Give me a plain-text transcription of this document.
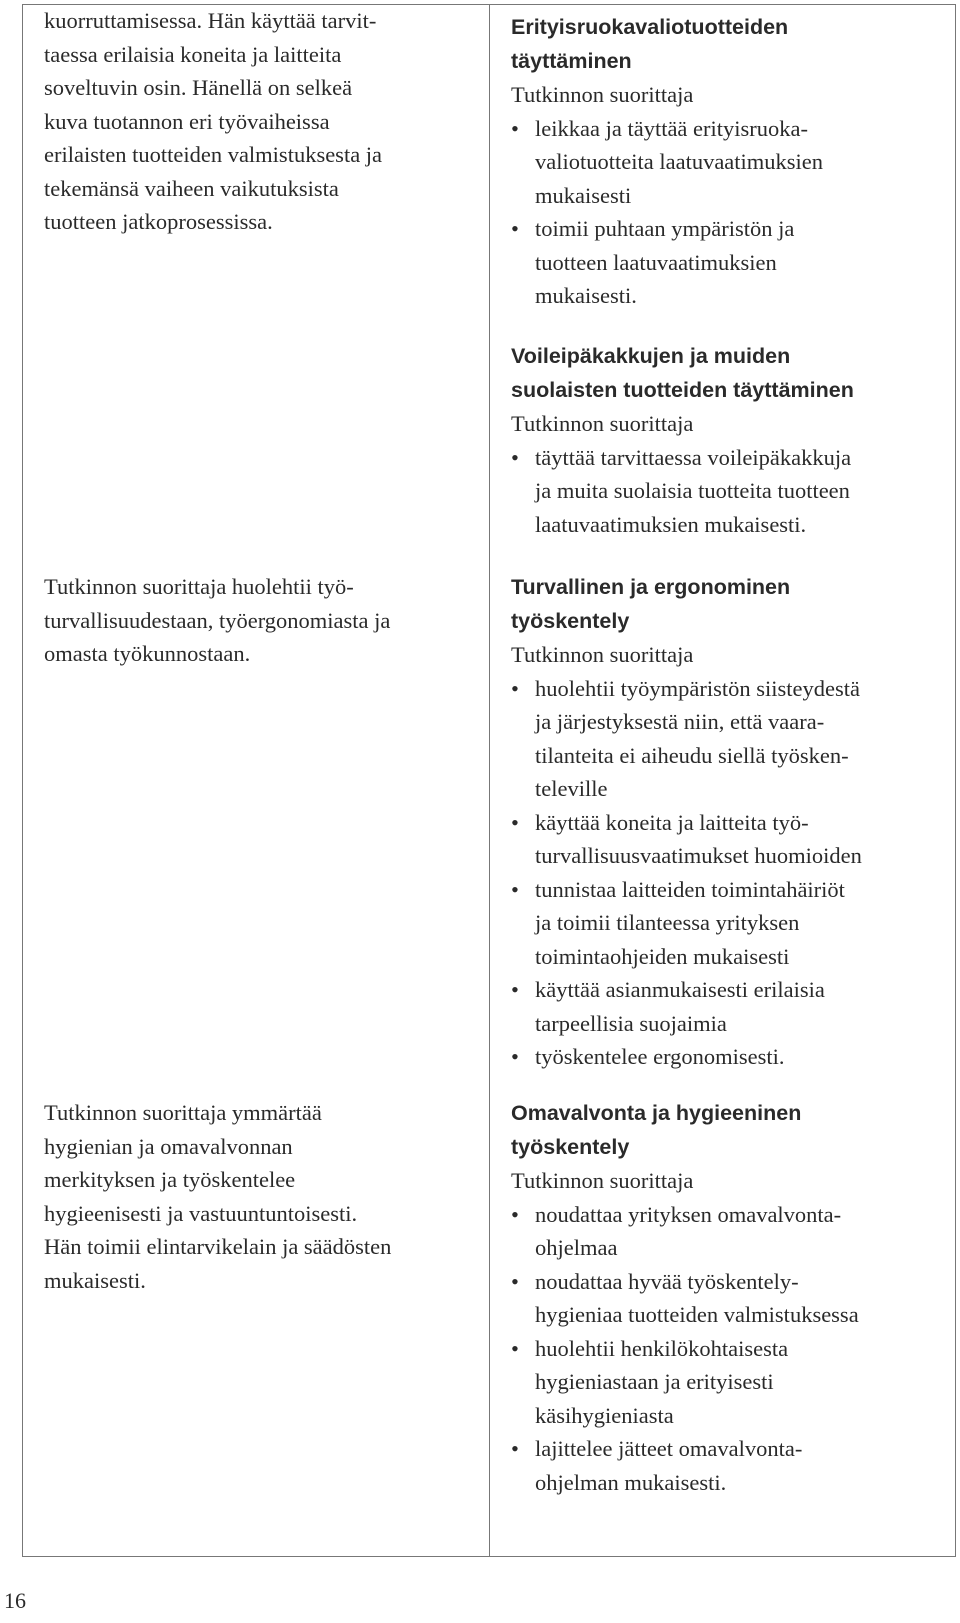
kuorruttamisessa. Hän käyttää tarvit-
taessa erilaisia koneita ja laitteita
soveltuvin osin. Hänellä on selkeä
kuva tuotannon eri työvaiheissa
erilaisten tuotteiden valmistuksesta ja
tekemänsä vaiheen vaikutuksista
tuotteen jatkoprosessissa.
Tutkinnon suorittaja huolehtii työ-
turvallisuudestaan, työergonomiasta ja
omasta työkunnostaan.
Tutkinnon suorittaja ymmärtää
hygienian ja omavalvonnan
merkityksen ja työskentelee
hygieenisesti ja vastuuntuntoisesti.
Hän toimii elintarvikelain ja säädösten
mukaisesti.
Erityisruokavaliotuotteiden
täyttäminen
Tutkinnon suorittaja
• leikkaa ja täyttää erityisruoka-
valiotuotteita laatuvaatimuksien
mukaisesti
• toimii puhtaan ympäristön ja
tuotteen laatuvaatimuksien
mukaisesti.
Voileipäkakkujen ja muiden
suolaisten tuotteiden täyttäminen
Tutkinnon suorittaja
• täyttää tarvittaessa voileipäkakkuja
ja muita suolaisia tuotteita tuotteen
laatuvaatimuksien mukaisesti.
Turvallinen ja ergonominen
työskentely
Tutkinnon suorittaja
• huolehtii työympäristön siisteydestä
ja järjestyksestä niin, että vaara-
tilanteita ei aiheudu siellä työsken-
televille
• käyttää koneita ja laitteita työ-
turvallisuusvaatimukset huomioiden
• tunnistaa laitteiden toimintahäiriöt
ja toimii tilanteessa yrityksen
toimintaohjeiden mukaisesti
• käyttää asianmukaisesti erilaisia
tarpeellisia suojaimia
• työskentelee ergonomisesti.
Omavalvonta ja hygieeninen
työskentely
Tutkinnon suorittaja
• noudattaa yrityksen omavalvonta-
ohjelmaa
• noudattaa hyvää työskentely-
hygieniaa tuotteiden valmistuksessa
• huolehtii henkilökohtaisesta
hygieniastaan ja erityisesti
käsihygieniasta
• lajittelee jätteet omavalvonta-
ohjelman mukaisesti.
16
